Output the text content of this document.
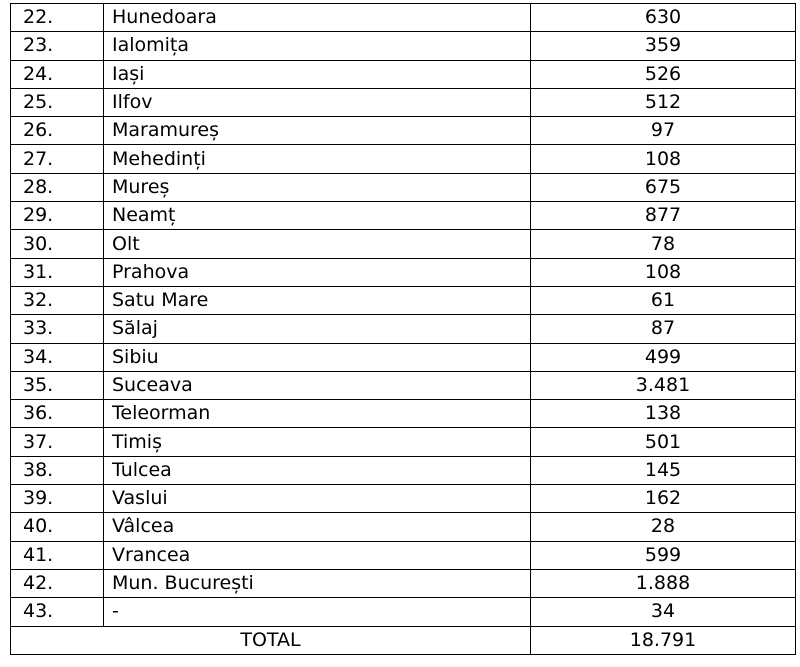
22.	Hunedoara	630
23.	Ialomița	359
24.	Iași	526
25.	Ilfov	512
26.	Maramureș	97
27.	Mehedinți	108
28.	Mureș	675
29.	Neamț	877
30.	Olt	78
31.	Prahova	108
32.	Satu Mare	61
33.	Sălaj	87
34.	Sibiu	499
35.	Suceava	3.481
36.	Teleorman	138
37.	Timiș	501
38.	Tulcea	145
39.	Vaslui	162
40.	Vâlcea	28
41.	Vrancea	599
42.	Mun. București	1.888
43.	-	34
TOTAL		18.791
